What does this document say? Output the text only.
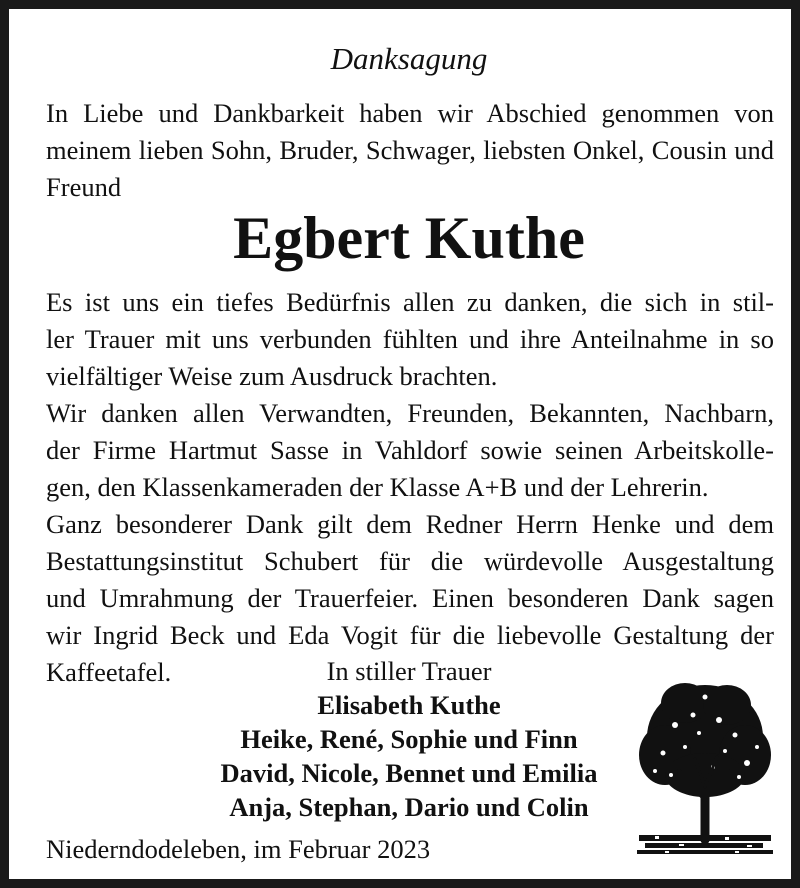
Danksagung
In Liebe und Dankbarkeit haben wir Abschied genommen von meinem lieben Sohn, Bruder, Schwager, liebsten Onkel, Cousin und Freund
Egbert Kuthe
Es ist uns ein tiefes Bedürfnis allen zu danken, die sich in stil-
ler Trauer mit uns verbunden fühlten und ihre Anteilnahme in so
vielfältiger Weise zum Ausdruck brachten.
Wir danken allen Verwandten, Freunden, Bekannten, Nachbarn,
der Firme Hartmut Sasse in Vahldorf sowie seinen Arbeitskolle-
gen, den Klassenkameraden der Klasse A+B und der Lehrerin.
Ganz besonderer Dank gilt dem Redner Herrn Henke und dem
Bestattungsinstitut Schubert für die würdevolle Ausgestaltung
und Umrahmung der Trauerfeier. Einen besonderen Dank sagen
wir Ingrid Beck und Eda Vogit für die liebevolle Gestaltung der
Kaffeetafel.	In stiller Trauer
Elisabeth Kuthe
Heike, René, Sophie und Finn
David, Nicole, Bennet und Emilia
Anja, Stephan, Dario und Colin
Niederndodeleben, im Februar 2023
